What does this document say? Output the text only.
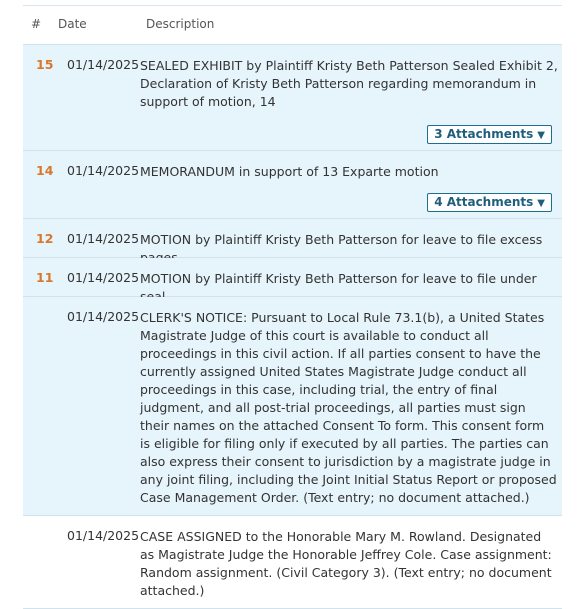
# Date	Description
15 01/14/2025 SEALED EXHIBIT by Plaintiff Kristy Beth Patterson Sealed Exhibit 2, Declaration of Kristy Beth Patterson regarding memorandum in support of motion, 14
3 Attachments ▼
14 01/14/2025 MEMORANDUM in support of 13 Exparte motion
4 Attachments ▼
12 01/14/2025 MOTION by Plaintiff Kristy Beth Patterson for leave to file excess
11 01/14/2025 MOTION by Plaintiff Kristy Beth Patterson for leave to file under
01/14/2025 CLERK'S NOTICE: Pursuant to Local Rule 73.1(b), a United States Magistrate Judge of this court is available to conduct all proceedings in this civil action. If all parties consent to have the currently assigned United States Magistrate Judge conduct all proceedings in this case, including trial, the entry of final judgment, and all post-trial proceedings, all parties must sign their names on the attached Consent To form. This consent form is eligible for filing only if executed by all parties. The parties can also express their consent to jurisdiction by a magistrate judge in any joint filing, including the Joint Initial Status Report or proposed Case Management Order. (Text entry; no document attached.)
01/14/2025 CASE ASSIGNED to the Honorable Mary M. Rowland. Designated as Magistrate Judge the Honorable Jeffrey Cole. Case assignment: Random assignment. (Civil Category 3). (Text entry; no document attached.)
